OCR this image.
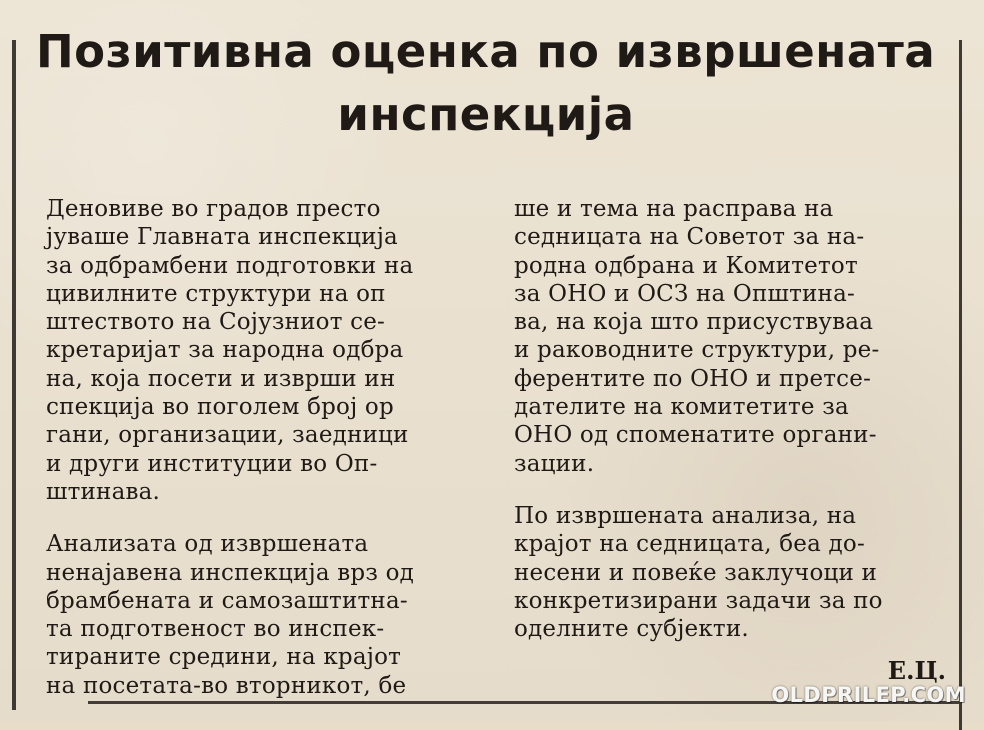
Позитивна оценка по извршената
инспекција
Деновиве во градов престо
јуваше Главната инспекција
за одбрамбени подготовки на
цивилните структури на оп
штеството на Сојузниот се-
кретаријат за народна одбра
на, која посети и изврши ин
спекција во поголем број ор
гани, организации, заедници
и други институции во Оп-
штинава.
Анализата од извршената
ненајавена инспекција врз од
брамбената и самозаштитна-
та подготвеност во инспек-
тираните средини, на крајот
на посетата-во вторникот, бе
ше и тема на расправа на
седницата на Советот за на-
родна одбрана и Комитетот
за ОНО и ОСЗ на Општина-
ва, на која што присуствуваа
и раководните структури, ре-
ферентите по ОНО и претсе-
дателите на комитетите за
ОНО од споменатите органи-
зации.
По извршената анализа, на
крајот на седницата, беа до-
несени и повеќе заклучоци и
конкретизирани задачи за по
оделните субјекти.
Е.Ц.
OLDPRILEP.COM
